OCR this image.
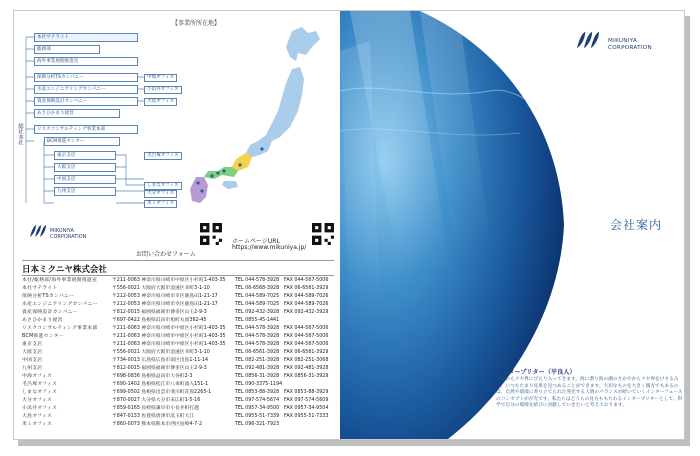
【事業所所在地】
総社本社
本社サテライト
総務部
海外事業展開推進室
保険分析TSカンパニー
水産エンジニアリングカンパニー
資産保険設計カンパニー
あさひかまり経営
リスクコンサルティング事業本部
BCM推進センター
東京支店
大阪支店
中国支店
九州支店
中海オフィス
小浜井オフィス
大島オフィス
毛呂塚オフィス
しまなオフィス
大分オフィス
米ミオフィス
MIKUNIYA
CORPORATION
お問い合わせフォーム
ホームページURL
https://www.mikuniya.jp/
日本ミクニヤ株式会社
本社/総務部/海外事業展開推進室	〒211-0063 神奈川県川崎市中原区小杉町1-403-35	TEL 044-578-3928 FAX 044-567-5006
本社サテライト	〒556-0021 大阪府大阪市浪速区幸町3-1-10	TEL 06-6568-3928 FAX 06-6561-3929
保険分析TSカンパニー	〒212-0053 神奈川県川崎市幸区鹿島田1-21-17	TEL 044-589-7025 FAX 044-589-7026
水産エンジニアリングカンパニー	〒212-0053 神奈川県川崎市幸区鹿島田1-21-17	TEL 044-589-7025 FAX 044-589-7026
資産保険設計カンパニー	〒812-0015 福岡県福岡市博多区山王2-9-3	TEL 092-432-3928 FAX 092-432-3929
あさひかまり経営	〒697-0422 島根県浜田市旭町丸原362-45	TEL 0855-45-1441
リスクコンサルティング事業本部	〒211-0063 神奈川県川崎市中原区小杉町1-403-35	TEL 044-578-3928 FAX 044-567-5006
BCM推進センター	〒211-0063 神奈川県川崎市中原区小杉町1-403-35	TEL 044-578-3928 FAX 044-567-5006
東京支店	〒211-0063 神奈川県川崎市中原区小杉町1-403-35	TEL 044-578-3928 FAX 044-567-5006
大阪支店	〒556-0021 大阪府大阪市浪速区幸町3-1-10	TEL 06-6561-3928 FAX 06-6561-3929
中国支店	〒734-0013 広島県広島市南区出島1-11-14	TEL 082-251-3928 FAX 082-251-3068
九州支店	〒812-0015 福岡県福岡市博多区山王2-9-3	TEL 092-481-3928 FAX 092-481-3928
中海オフィス	〒698-0836 島根県益田市大谷町2-3	TEL 0856-31-3928 FAX 0856-31-3929
毛呂塚オフィス	〒690-1402 島根県松江市八束町波入151-1	TEL 090-3375-1194
しまなオフィス	〒699-0502 島根県出雲市斐川町荘原2265-1	TEL 0853-88-3928 FAX 0853-88-3929
大分オフィス	〒870-0027 大分県大分市末広町1-5-16	TEL 097-574-5674 FAX 097-574-5609
小浜井オフィス	〒859-0165 長崎県諫早市小長井町打越	TEL 0957-34-9500 FAX 0957-34-9504
大島オフィス	〒847-0133 佐賀県唐津市浜玉町大江	TEL 0955-51-7339 FAX 0955-51-7333
米ミオフィス	〒860-0073 熊本県熊本市西区島崎4-7-2	TEL 096-321-7923
MIKUNIYA
CORPORATION
会社案内
インタープリター（平良人）
水中からクセ界にびたり入ってきます。海に潜り海の潮のさかやからクセ界をけするみと、いつもたまり見果を見つめることができます。大切なものを大きく親方でもあるのは、自然や環境に寄り立てられた発光する人情のバランスが続いていくインターフェースのコンセプトがが光です。私たちはどうらの見方ももちわるインタープリターとして、科学で自分の環境を結びに貢献していきたいと考えております。
